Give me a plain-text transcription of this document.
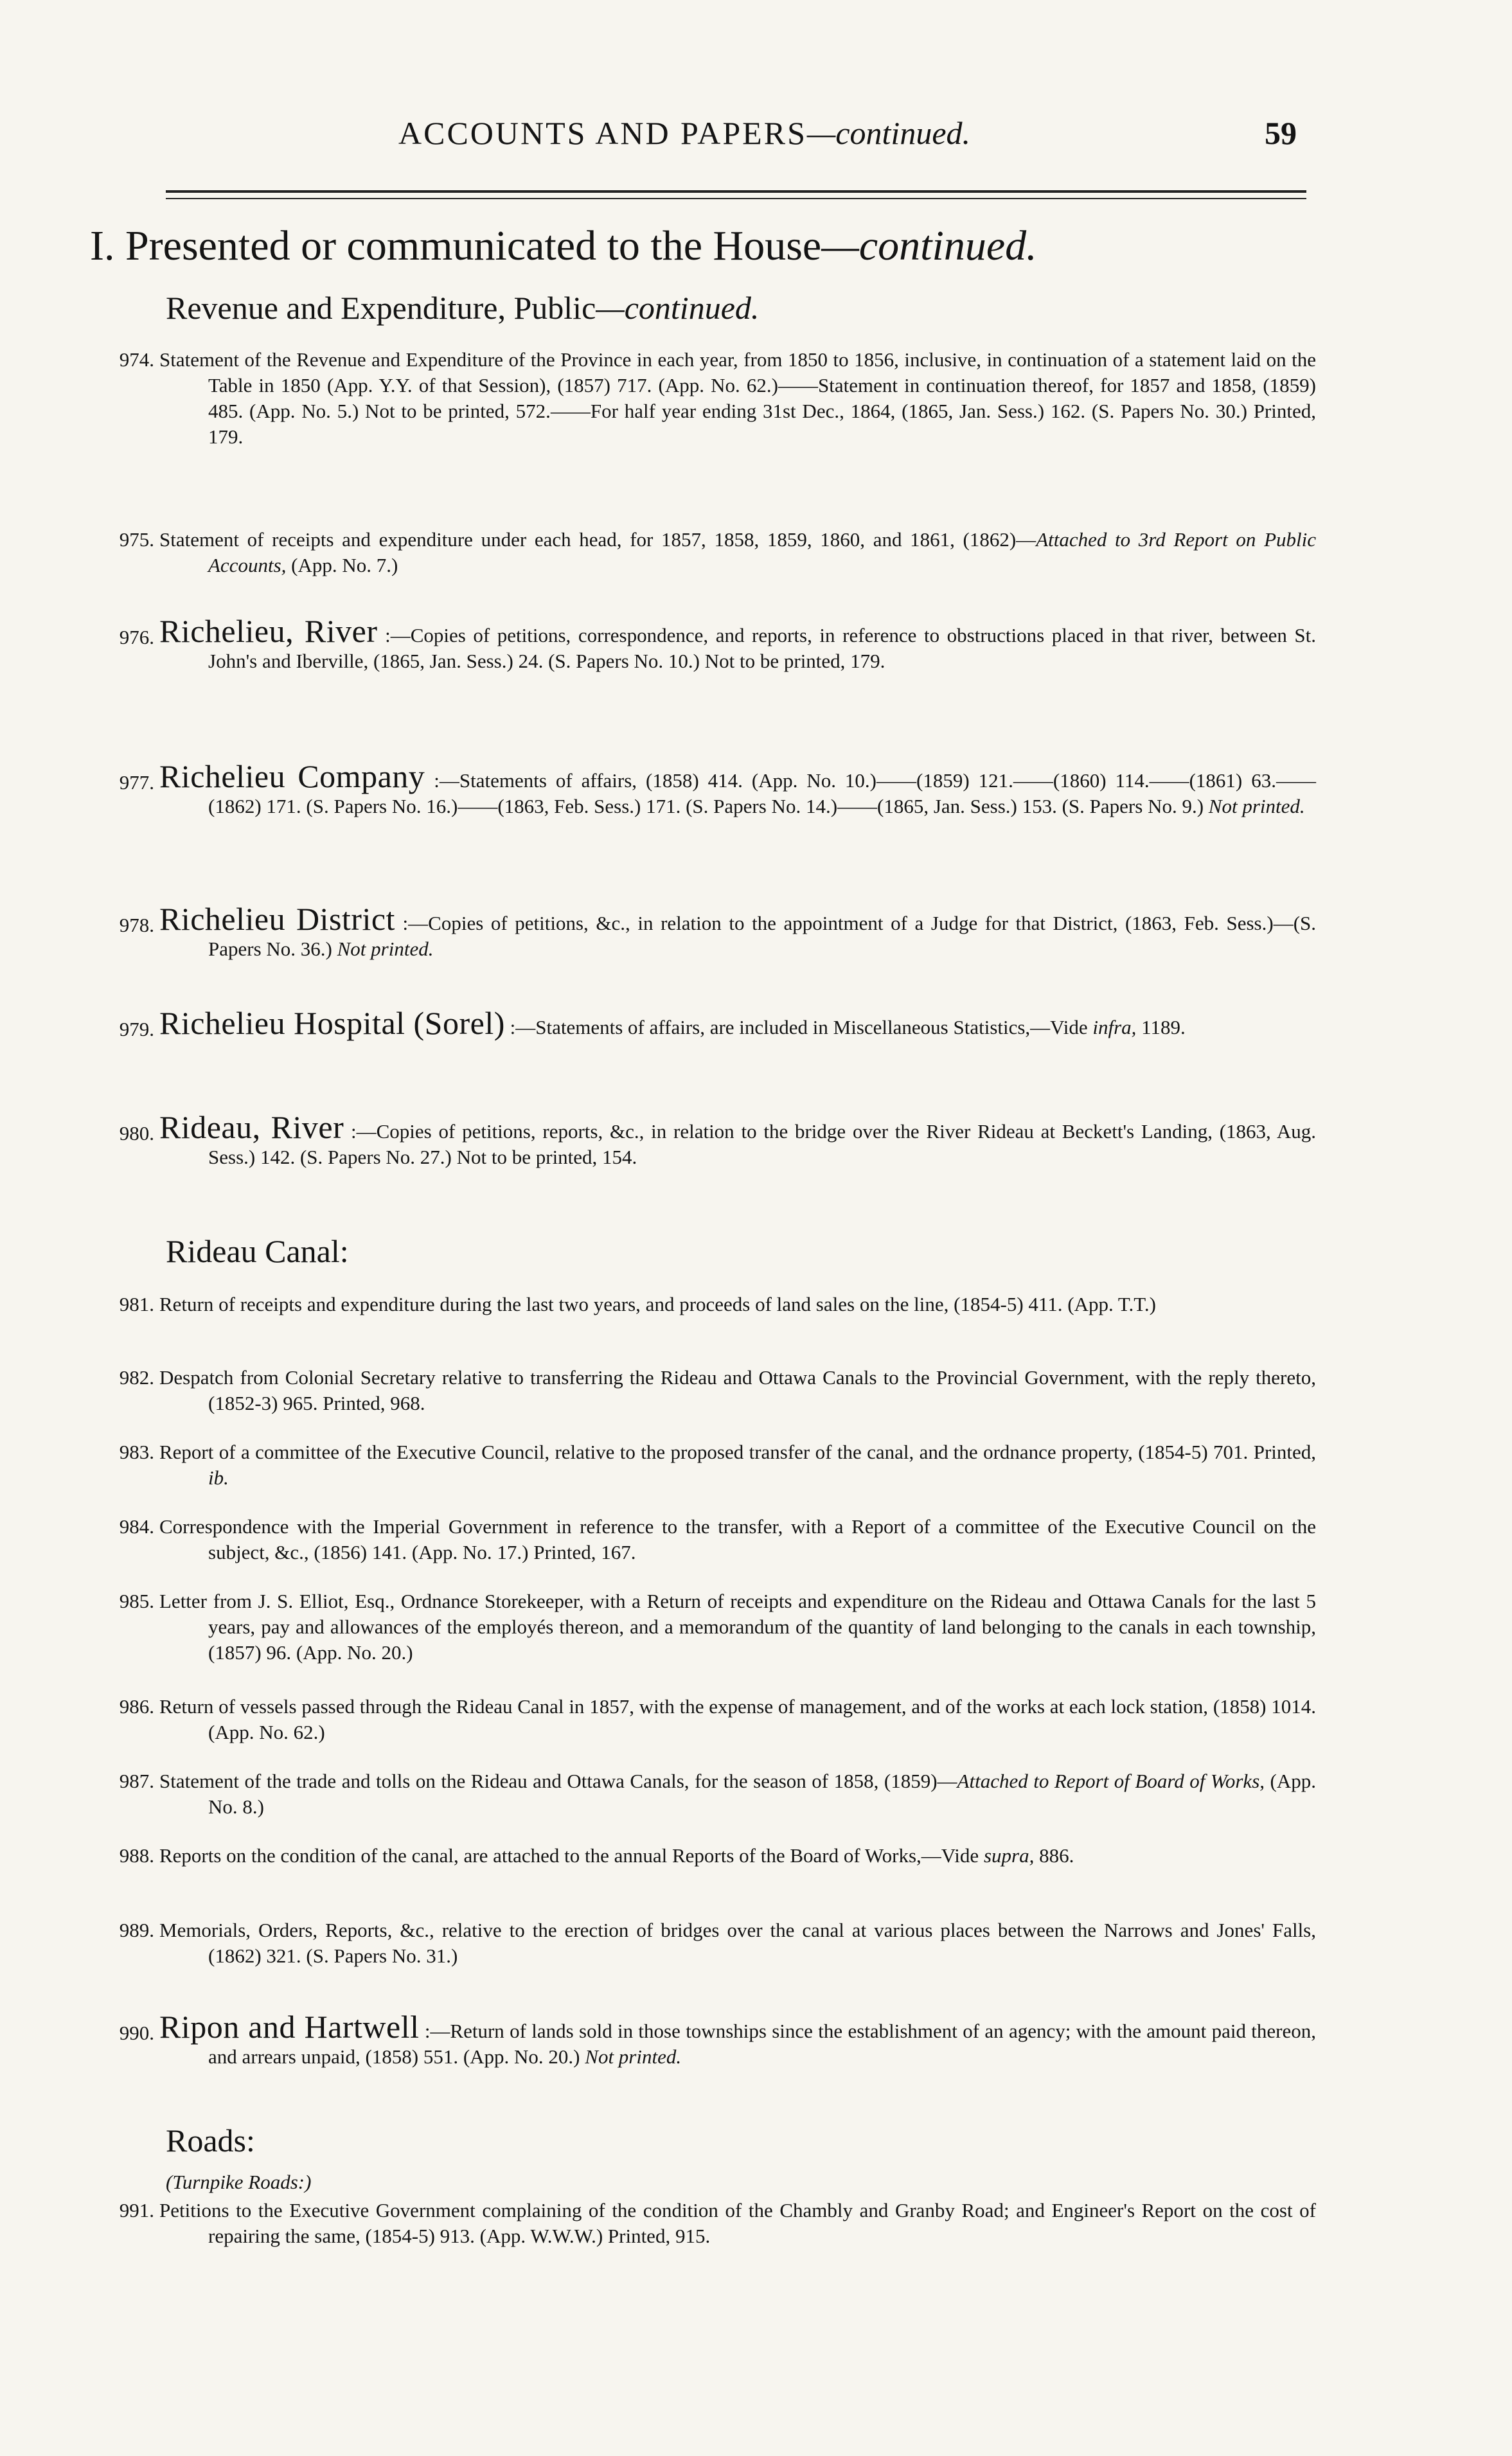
ACCOUNTS AND PAPERS—continued.	59
I. Presented or communicated to the House—continued.
Revenue and Expenditure, Public—continued.
974. Statement of the Revenue and Expenditure of the Province in each year, from 1850 to 1856, inclusive, in continuation of a statement laid on the Table in 1850 (App. Y.Y. of that Session), (1857) 717. (App. No. 62.)——Statement in continuation thereof, for 1857 and 1858, (1859) 485. (App. No. 5.) Not to be printed, 572.——For half year ending 31st Dec., 1864, (1865, Jan. Sess.) 162. (S. Papers No. 30.) Printed, 179.
975. Statement of receipts and expenditure under each head, for 1857, 1858, 1859, 1860, and 1861, (1862)—Attached to 3rd Report on Public Accounts, (App. No. 7.)
976. Richelieu, River :—Copies of petitions, correspondence, and reports, in reference to obstructions placed in that river, between St. John's and Iberville, (1865, Jan. Sess.) 24. (S. Papers No. 10.) Not to be printed, 179.
977. Richelieu Company :—Statements of affairs, (1858) 414. (App. No. 10.)——(1859) 121.——(1860) 114.——(1861) 63.——(1862) 171. (S. Papers No. 16.)——(1863, Feb. Sess.) 171. (S. Papers No. 14.)——(1865, Jan. Sess.) 153. (S. Papers No. 9.) Not printed.
978. Richelieu District :—Copies of petitions, &c., in relation to the appointment of a Judge for that District, (1863, Feb. Sess.)—(S. Papers No. 36.) Not printed.
979. Richelieu Hospital (Sorel) :—Statements of affairs, are included in Miscellaneous Statistics,—Vide infra, 1189.
980. Rideau, River :—Copies of petitions, reports, &c., in relation to the bridge over the River Rideau at Beckett's Landing, (1863, Aug. Sess.) 142. (S. Papers No. 27.) Not to be printed, 154.
Rideau Canal:
981. Return of receipts and expenditure during the last two years, and proceeds of land sales on the line, (1854-5) 411. (App. T.T.)
982. Despatch from Colonial Secretary relative to transferring the Rideau and Ottawa Canals to the Provincial Government, with the reply thereto, (1852-3) 965. Printed, 968.
983. Report of a committee of the Executive Council, relative to the proposed transfer of the canal, and the ordnance property, (1854-5) 701. Printed, ib.
984. Correspondence with the Imperial Government in reference to the transfer, with a Report of a committee of the Executive Council on the subject, &c., (1856) 141. (App. No. 17.) Printed, 167.
985. Letter from J. S. Elliot, Esq., Ordnance Storekeeper, with a Return of receipts and expenditure on the Rideau and Ottawa Canals for the last 5 years, pay and allowances of the employés thereon, and a memorandum of the quantity of land belonging to the canals in each township, (1857) 96. (App. No. 20.)
986. Return of vessels passed through the Rideau Canal in 1857, with the expense of management, and of the works at each lock station, (1858) 1014. (App. No. 62.)
987. Statement of the trade and tolls on the Rideau and Ottawa Canals, for the season of 1858, (1859)—Attached to Report of Board of Works, (App. No. 8.)
988. Reports on the condition of the canal, are attached to the annual Reports of the Board of Works,—Vide supra, 886.
989. Memorials, Orders, Reports, &c., relative to the erection of bridges over the canal at various places between the Narrows and Jones' Falls, (1862) 321. (S. Papers No. 31.)
990. Ripon and Hartwell :—Return of lands sold in those townships since the establishment of an agency; with the amount paid thereon, and arrears unpaid, (1858) 551. (App. No. 20.) Not printed.
Roads:
(Turnpike Roads:)
991. Petitions to the Executive Government complaining of the condition of the Chambly and Granby Road; and Engineer's Report on the cost of repairing the same, (1854-5) 913. (App. W.W.W.) Printed, 915.
